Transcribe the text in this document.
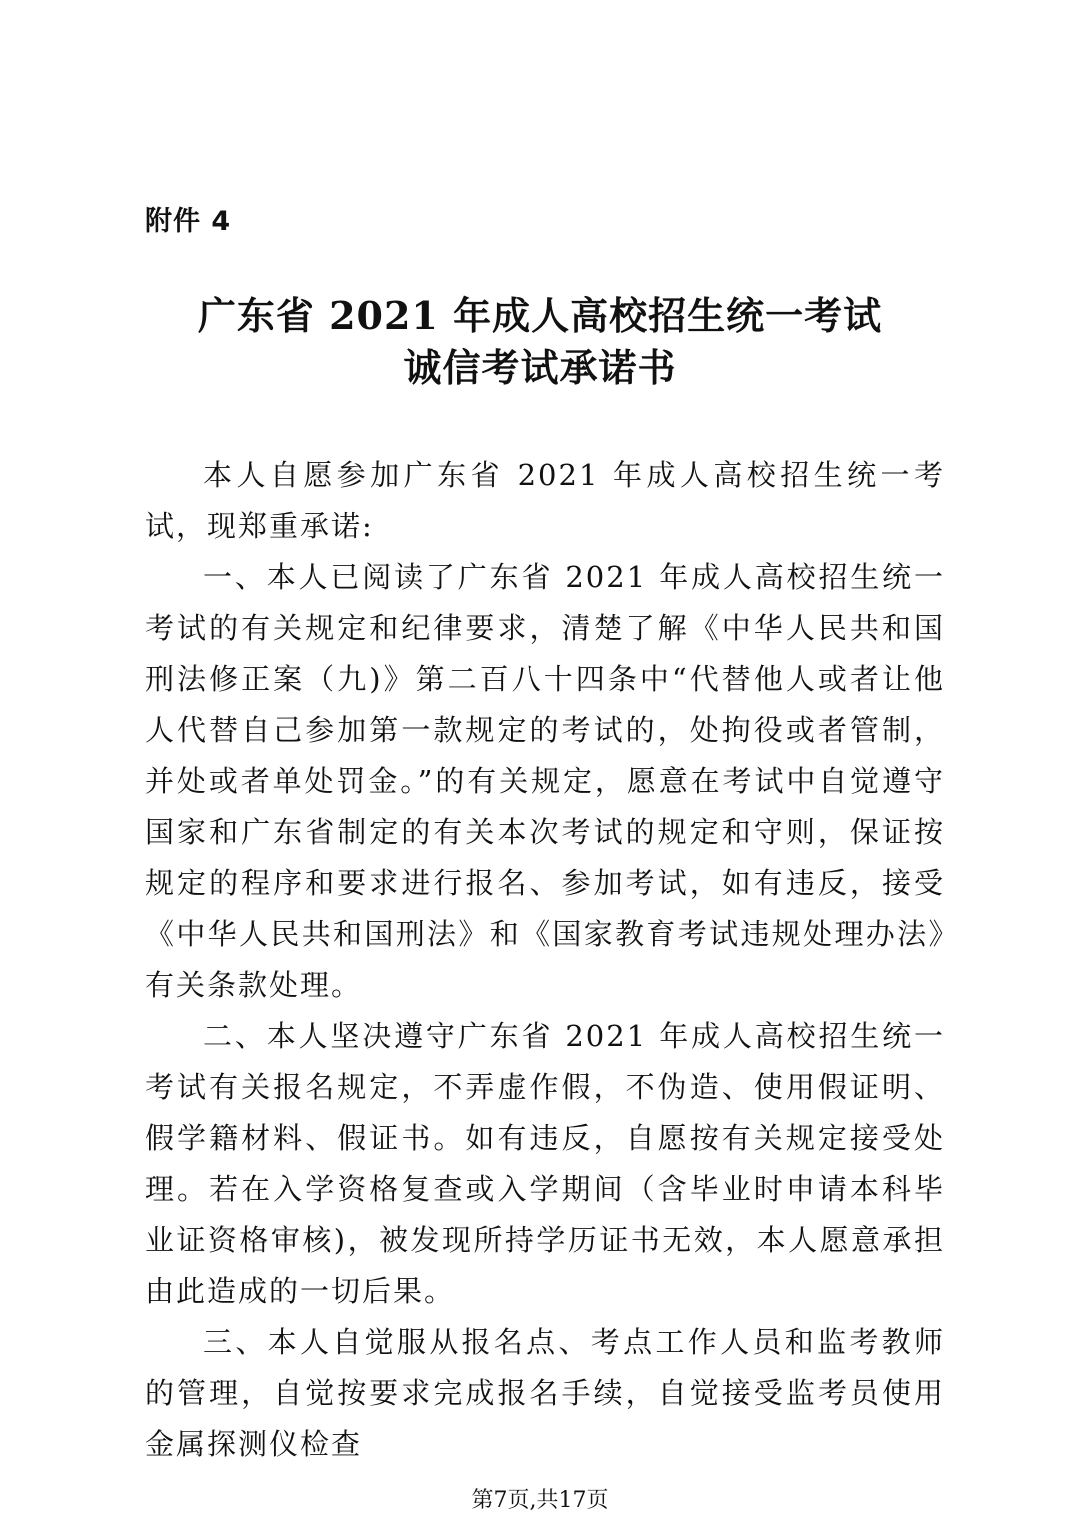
附件 4
广东省 2021 年成人高校招生统一考试
诚信考试承诺书

本人自愿参加广东省 2021 年成人高校招生统一考试，现郑重承诺:

一、本人已阅读了广东省 2021 年成人高校招生统一考试的有关规定和纪律要求，清楚了解《中华人民共和国刑法修正案（九)》第二百八十四条中“代替他人或者让他人代替自己参加第一款规定的考试的，处拘役或者管制，并处或者单处罚金。”的有关规定，愿意在考试中自觉遵守国家和广东省制定的有关本次考试的规定和守则，保证按规定的程序和要求进行报名、参加考试，如有违反，接受《中华人民共和国刑法》和《国家教育考试违规处理办法》有关条款处理。

二、本人坚决遵守广东省 2021 年成人高校招生统一考试有关报名规定，不弄虚作假，不伪造、使用假证明、假学籍材料、假证书。如有违反，自愿按有关规定接受处理。若在入学资格复查或入学期间（含毕业时申请本科毕业证资格审核)，被发现所持学历证书无效，本人愿意承担由此造成的一切后果。

三、本人自觉服从报名点、考点工作人员和监考教师的管理，自觉按要求完成报名手续，自觉接受监考员使用金属探测仪检查

第7页,共17页
